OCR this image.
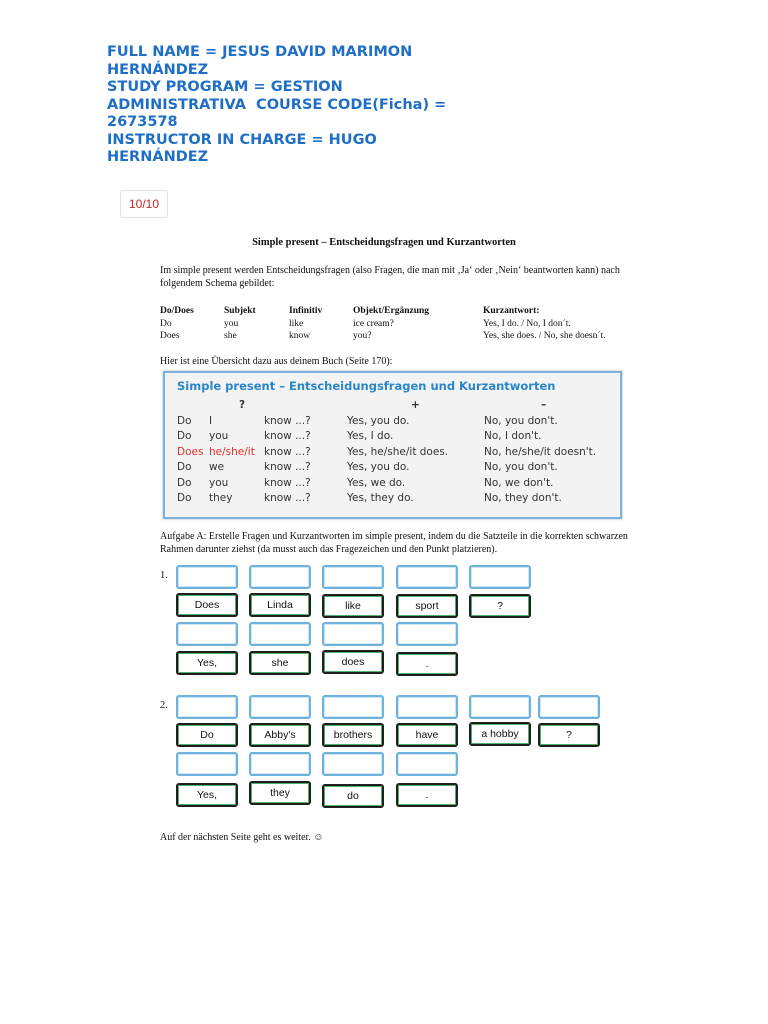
FULL NAME = JESUS DAVID MARIMON
HERNÁNDEZ
STUDY PROGRAM = GESTION
ADMINISTRATIVA  COURSE CODE(Ficha) =
2673578
INSTRUCTOR IN CHARGE = HUGO
HERNÁNDEZ
10/10
Simple present – Entscheidungsfragen und Kurzantworten
Im simple present werden Entscheidungsfragen (also Fragen, die man mit ‚Ja‘ oder ‚Nein‘ beantworten kann) nach folgendem Schema gebildet:
Do/Does	Subjekt	Infinitiv	Objekt/Ergänzung	Kurzantwort:
Do	you	like	ice cream?	Yes, I do. / No, I don´t.
Does	she	know	you?	Yes, she does. / No, she doesn´t.
Hier ist eine Übersicht dazu aus deinem Buch (Seite 170):
Simple present – Entscheidungsfragen und Kurzantworten
?	+	–
Do I	know ...?	Yes, you do.	No, you don't.
Do you	know ...?	Yes, I do.	No, I don't.
Does he/she/it know ...?	Yes, he/she/it does.	No, he/she/it doesn't.
Do we	know ...?	Yes, you do.	No, you don't.
Do you	know ...?	Yes, we do.	No, we don't.
Do they	know ...?	Yes, they do.	No, they don't.
Aufgabe A: Erstelle Fragen und Kurzantworten im simple present, indem du die Satzteile in die korrekten schwarzen Rahmen darunter ziehst (da musst auch das Fragezeichen und den Punkt platzieren).
1.
Does	Linda	like	sport	?
Yes,	she	does	.
2.
Do	Abby's	brothers	have	a hobby	?
Yes,	they	do	.
Auf der nächsten Seite geht es weiter. ☺
